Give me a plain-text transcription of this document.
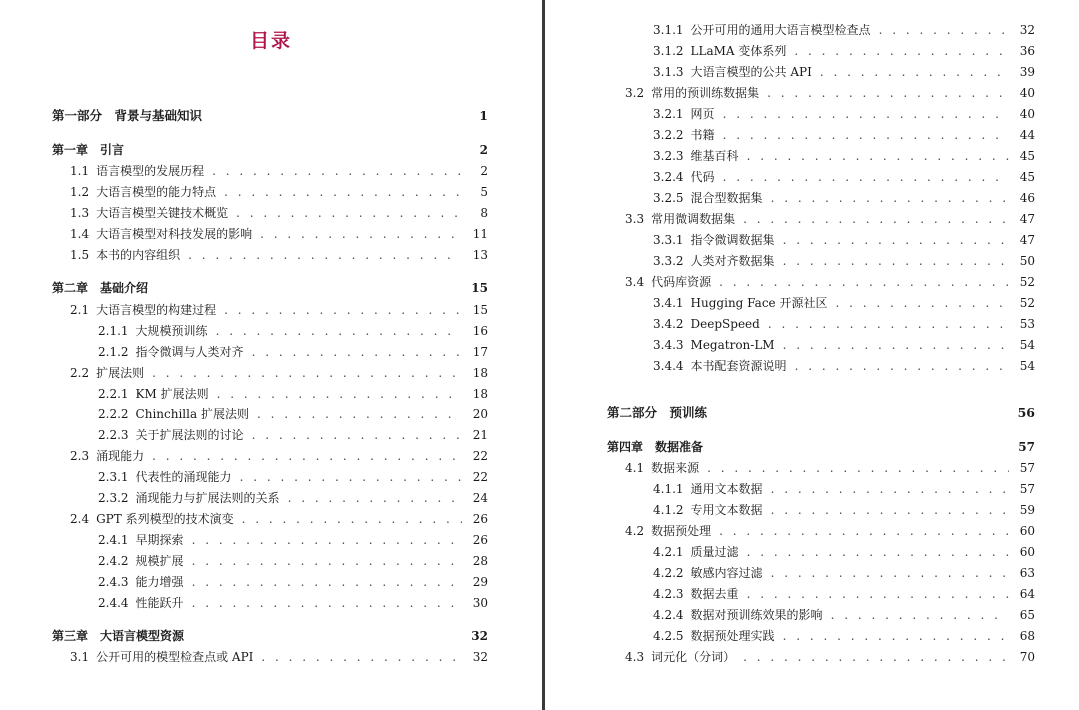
目录
第一部分　背景与基础知识	1
第一章　引言	2
1.1 语言模型的发展历程 . . .	2
1.2 大语言模型的能力特点 . . .	5
1.3 大语言模型关键技术概览 . . .	8
1.4 大语言模型对科技发展的影响 . . .	11
1.5 本书的内容组织 . . .	13
第二章　基础介绍	15
2.1 大语言模型的构建过程 . . .	15
2.1.1 大规模预训练 . . .	16
2.1.2 指令微调与人类对齐 . . .	17
2.2 扩展法则 . . .	18
2.2.1 KM 扩展法则 . . .	18
2.2.2 Chinchilla 扩展法则 . . .	20
2.2.3 关于扩展法则的讨论 . . .	21
2.3 涌现能力 . . .	22
2.3.1 代表性的涌现能力 . . .	22
2.3.2 涌现能力与扩展法则的关系 . . .	24
2.4 GPT 系列模型的技术演变 . . .	26
2.4.1 早期探索 . . .	26
2.4.2 规模扩展 . . .	28
2.4.3 能力增强 . . .	29
2.4.4 性能跃升 . . .	30
第三章　大语言模型资源	32
3.1 公开可用的模型检查点或 API . . .	32
3.1.1 公开可用的通用大语言模型检查点 . . .	32
3.1.2 LLaMA 变体系列 . . .	36
3.1.3 大语言模型的公共 API . . .	39
3.2 常用的预训练数据集 . . .	40
3.2.1 网页 . . .	40
3.2.2 书籍 . . .	44
3.2.3 维基百科 . . .	45
3.2.4 代码 . . .	45
3.2.5 混合型数据集 . . .	46
3.3 常用微调数据集 . . .	47
3.3.1 指令微调数据集 . . .	47
3.3.2 人类对齐数据集 . . .	50
3.4 代码库资源 . . .	52
3.4.1 Hugging Face 开源社区 . . .	52
3.4.2 DeepSpeed . . .	53
3.4.3 Megatron-LM . . .	54
3.4.4 本书配套资源说明 . . .	54
第二部分　预训练	56
第四章　数据准备	57
4.1 数据来源 . . .	57
4.1.1 通用文本数据 . . .	57
4.1.2 专用文本数据 . . .	59
4.2 数据预处理 . . .	60
4.2.1 质量过滤 . . .	60
4.2.2 敏感内容过滤 . . .	63
4.2.3 数据去重 . . .	64
4.2.4 数据对预训练效果的影响 . . .	65
4.2.5 数据预处理实践 . . .	68
4.3 词元化（分词） . . .	70
